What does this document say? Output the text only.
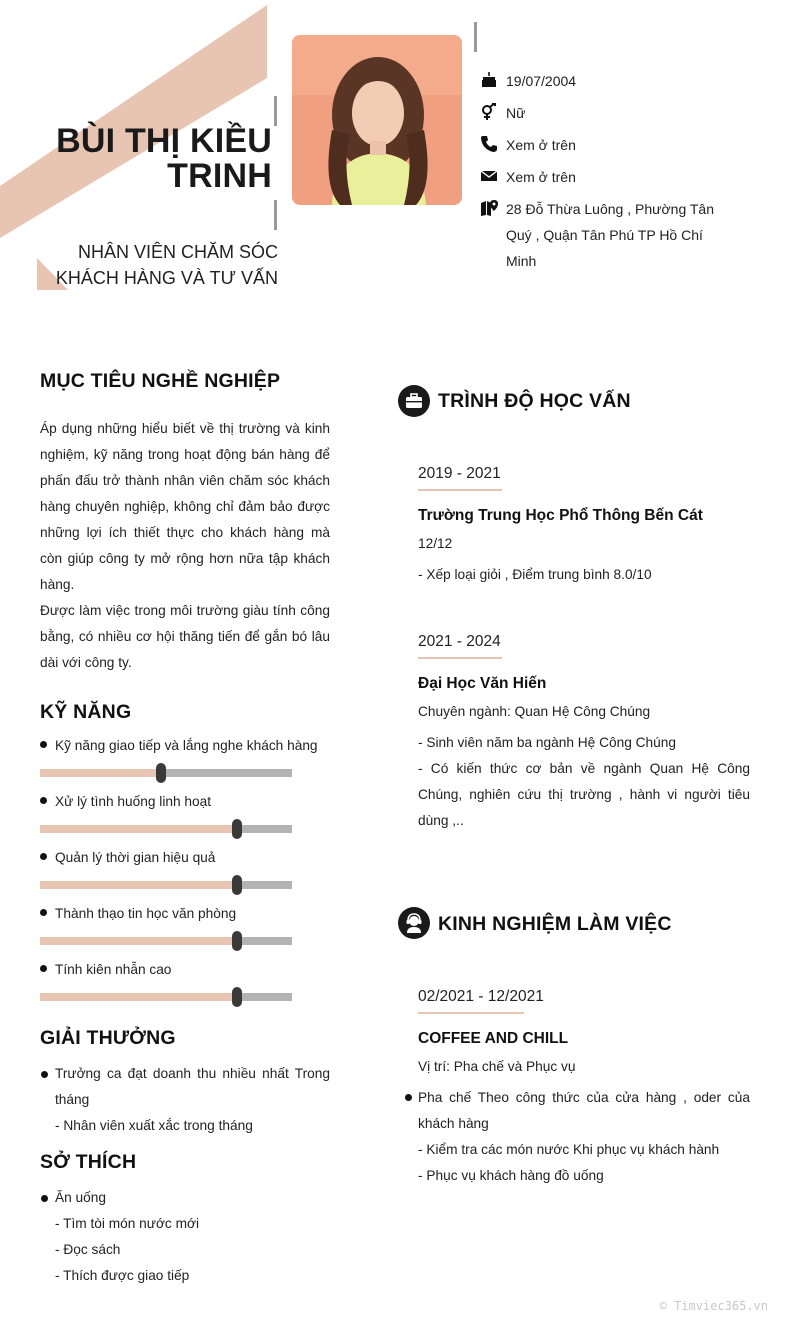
BÙI THỊ KIỀU TRINH
NHÂN VIÊN CHĂM SÓC KHÁCH HÀNG VÀ TƯ VẤN
19/07/2004
Nữ
Xem ở trên
Xem ở trên
28 Đỗ Thừa Luông , Phường Tân Quý , Quận Tân Phú TP Hồ Chí Minh
MỤC TIÊU NGHỀ NGHIỆP
Áp dụng những hiểu biết về thị trường và kinh nghiệm, kỹ năng trong hoạt động bán hàng để phấn đấu trở thành nhân viên chăm sóc khách hàng chuyên nghiệp, không chỉ đảm bảo được những lợi ích thiết thực cho khách hàng mà còn giúp công ty mở rộng hơn nữa tập khách hàng.
Được làm việc trong môi trường giàu tính công bằng, có nhiều cơ hội thăng tiến để gắn bó lâu dài với công ty.
KỸ NĂNG
Kỹ năng giao tiếp và lắng nghe khách hàng
Xử lý tình huống linh hoạt
Quản lý thời gian hiệu quả
Thành thạo tin học văn phòng
Tính kiên nhẫn cao
GIẢI THƯỞNG
Trưởng ca đạt doanh thu nhiều nhất Trong tháng
- Nhân viên xuất xắc trong tháng
SỞ THÍCH
Ăn uống
- Tìm tòi món nước mới
- Đọc sách
- Thích được giao tiếp
TRÌNH ĐỘ HỌC VẤN
2019 - 2021
Trường Trung Học Phổ Thông Bến Cát
12/12
- Xếp loại giỏi , Điểm trung bình 8.0/10
2021 - 2024
Đại Học Văn Hiến
Chuyên ngành: Quan Hệ Công Chúng
- Sinh viên năm ba ngành Hệ Công Chúng
- Có kiến thức cơ bản về ngành Quan Hệ Công Chúng, nghiên cứu thị trường , hành vi người tiêu dùng ,..
KINH NGHIỆM LÀM VIỆC
02/2021 - 12/2021
COFFEE AND CHILL
Vị trí: Pha chế và Phục vụ
Pha chế Theo công thức của cửa hàng , oder của khách hàng
- Kiểm tra các món nước Khi phục vụ khách hành
- Phục vụ khách hàng đồ uống
© Timviec365.vn
